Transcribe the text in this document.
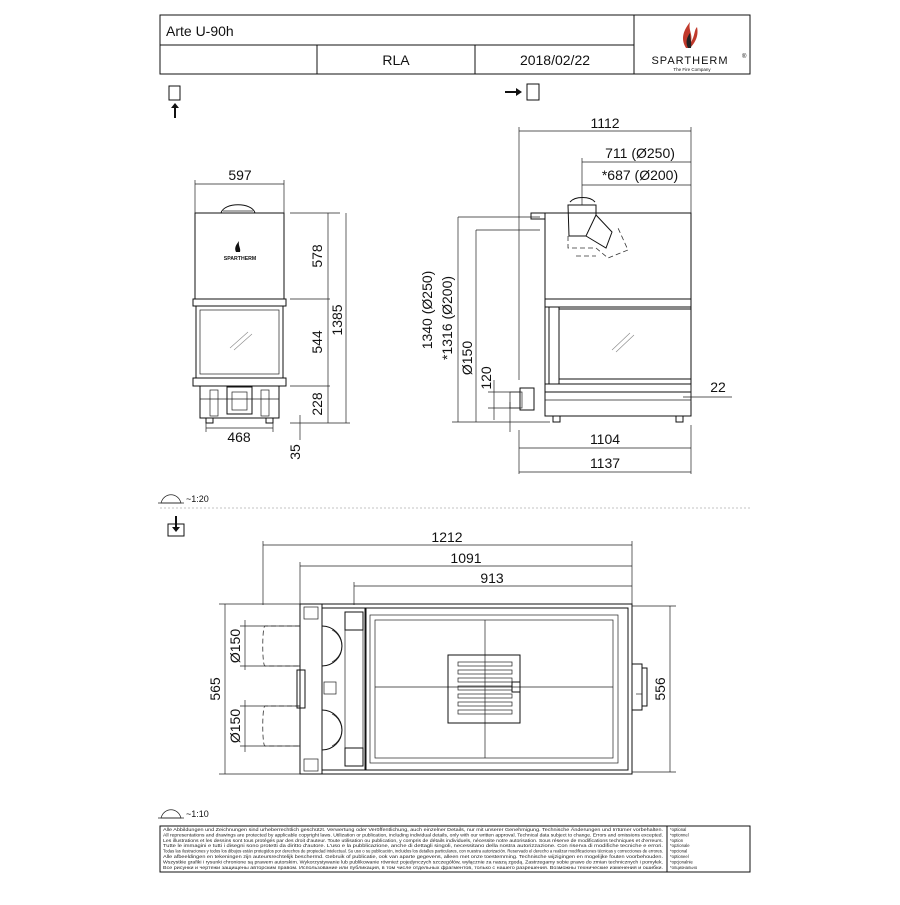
Arte U-90h
RLA	2018/02/22	SPARTHERM ®
The Fire Company
SPARTHERM
597
578
544
228
1385
468
35
1112
711 (Ø250)
*687 (Ø200)
1340 (Ø250) *1316 (Ø200) Ø150
120	22
1104
1137
~1:20
1212
1091
913
565
Ø150
Ø150
556
~1:10
Alle Abbildungen und Zeichnungen sind urheberrechtlich geschützt. Verwertung oder Veröffentlichung, auch einzelner Details, nur mit unserer Genehmigung. Technische Änderungen und Irrtümer vorbehalten.
All representations and drawings are protected by applicable copyright laws. Utilization or publication, including individual details, only with our written approval. Technical data subject to change. Errors and omissions excepted.
Les illustrations et les dessins sont tous protégés par des droit d'auteur. Toute utilisation ou publication, y compris de détails individuels, nécessite notre autorisation. Sous réserve de modifications techniques et d'erreurs.
Tutte le immagini e tutti i disegni sono protetti da diritto d'autore. L'uso e la pubblicazione, anche di dettagli singoli, necessitano della nostra autorizzazione. Con riserva di modifiche tecniche e errori.
Todas las ilustraciones y todos los dibujos están protegidos por derechos de propiedad intelectual. Su uso o su publicación, incluidos los detalles particulares, con nuestra autorización. Reservado el derecho a realizar modificaciones técnicas y correcciones de errores.
Alle afbeeldingen en tekeningen zijn auteursrechtelijk beschermd. Gebruik of publicatie, ook van aparte gegevens, alleen met onze toestemming. Technische wijzigingen en mogelijke fouten voorbehouden.
Wszystkie grafiki i rysunki chronione są prawem autorskim. Wykorzystywanie lub publikowanie również pojedynczych szczegółów, wyłącznie za naszą zgodą. Zastrzegamy sobie prawo do zmian technicznych i pomyłek.
Все рисунки и чертежи защищены авторским правом. Использование или публикация, в том числе отдельных фрагментов, только с нашего разрешения. Возможны технические изменения и ошибки.
*optional
*optionnel
*option
*opzionale
*opcional
*optioneel
*opcjonalnie
*опционально
